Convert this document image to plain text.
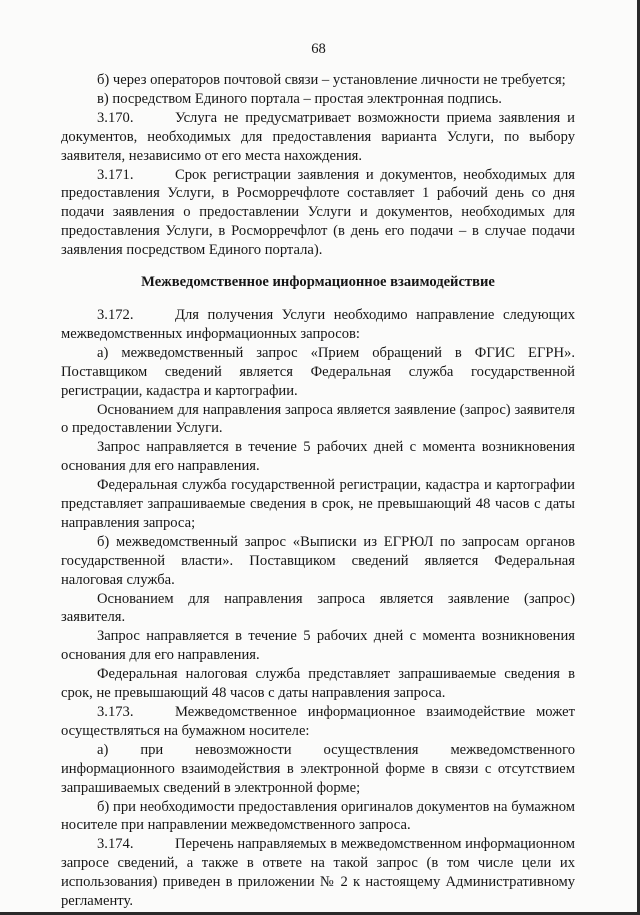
68

б) через операторов почтовой связи – установление личности не требуется;

в) посредством Единого портала – простая электронная подпись.

3.170.	Услуга не предусматривает возможности приема заявления и документов, необходимых для предоставления варианта Услуги, по выбору заявителя, независимо от его места нахождения.

3.171.	Срок регистрации заявления и документов, необходимых для предоставления Услуги, в Росморречфлоте составляет 1 рабочий день со дня подачи заявления о предоставлении Услуги и документов, необходимых для предоставления Услуги, в Росморречфлот (в день его подачи – в случае подачи заявления посредством Единого портала).

Межведомственное информационное взаимодействие

3.172.	Для получения Услуги необходимо направление следующих межведомственных информационных запросов:

а) межведомственный запрос «Прием обращений в ФГИС ЕГРН». Поставщиком сведений является Федеральная служба государственной регистрации, кадастра и картографии.

Основанием для направления запроса является заявление (запрос) заявителя о предоставлении Услуги.

Запрос направляется в течение 5 рабочих дней с момента возникновения основания для его направления.

Федеральная служба государственной регистрации, кадастра и картографии представляет запрашиваемые сведения в срок, не превышающий 48 часов с даты направления запроса;

б) межведомственный запрос «Выписки из ЕГРЮЛ по запросам органов государственной власти». Поставщиком сведений является Федеральная налоговая служба.

Основанием для направления запроса является заявление (запрос) заявителя.

Запрос направляется в течение 5 рабочих дней с момента возникновения основания для его направления.

Федеральная налоговая служба представляет запрашиваемые сведения в срок, не превышающий 48 часов с даты направления запроса.

3.173.	Межведомственное информационное взаимодействие может осуществляться на бумажном носителе:

а) при невозможности осуществления межведомственного информационного взаимодействия в электронной форме в связи с отсутствием запрашиваемых сведений в электронной форме;

б) при необходимости предоставления оригиналов документов на бумажном носителе при направлении межведомственного запроса.

3.174.	Перечень направляемых в межведомственном информационном запросе сведений, а также в ответе на такой запрос (в том числе цели их использования) приведен в приложении № 2 к настоящему Административному регламенту.
